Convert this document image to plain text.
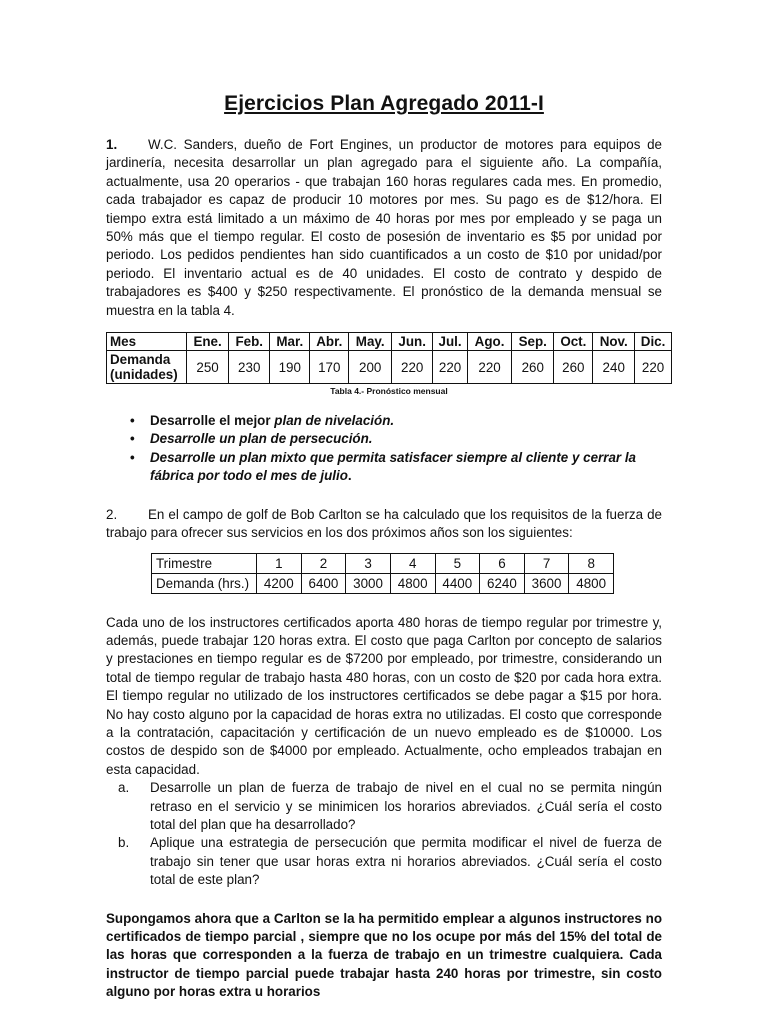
Ejercicios Plan Agregado 2011-I

1. W.C. Sanders, dueño de Fort Engines, un productor de motores para equipos de jardinería, necesita desarrollar un plan agregado para el siguiente año. La compañía, actualmente, usa 20 operarios - que trabajan 160 horas regulares cada mes. En promedio, cada trabajador es capaz de producir 10 motores por mes. Su pago es de $12/hora. El tiempo extra está limitado a un máximo de 40 horas por mes por empleado y se paga un 50% más que el tiempo regular. El costo de posesión de inventario es $5 por unidad por periodo. Los pedidos pendientes han sido cuantificados a un costo de $10 por unidad/por periodo. El inventario actual es de 40 unidades. El costo de contrato y despido de trabajadores es $400 y $250 respectivamente. El pronóstico de la demanda mensual se muestra en la tabla 4.

Mes	Ene.	Feb.	Mar.	Abr.	May.	Jun.	Jul.	Ago.	Sep.	Oct.	Nov.	Dic.
Demanda (unidades)	250	230	190	170	200	220	220	220	260	260	240	220
Tabla 4.- Pronóstico mensual
• Desarrolle el mejor plan de nivelación.
• Desarrolle un plan de persecución.
• Desarrolle un plan mixto que permita satisfacer siempre al cliente y cerrar la fábrica por todo el mes de julio.

2. En el campo de golf de Bob Carlton se ha calculado que los requisitos de la fuerza de trabajo para ofrecer sus servicios en los dos próximos años son los siguientes:

Trimestre	1	2	3	4	5	6	7	8
Demanda (hrs.)	4200	6400	3000	4800	4400	6240	3600	4800

Cada uno de los instructores certificados aporta 480 horas de tiempo regular por trimestre y, además, puede trabajar 120 horas extra. El costo que paga Carlton por concepto de salarios y prestaciones en tiempo regular es de $7200 por empleado, por trimestre, considerando un total de tiempo regular de trabajo hasta 480 horas, con un costo de $20 por cada hora extra. El tiempo regular no utilizado de los instructores certificados se debe pagar a $15 por hora. No hay costo alguno por la capacidad de horas extra no utilizadas. El costo que corresponde a la contratación, capacitación y certificación de un nuevo empleado es de $10000. Los costos de despido son de $4000 por empleado. Actualmente, ocho empleados trabajan en esta capacidad.

a. Desarrolle un plan de fuerza de trabajo de nivel en el cual no se permita ningún retraso en el servicio y se minimicen los horarios abreviados. ¿Cuál sería el costo total del plan que ha desarrollado?
b. Aplique una estrategia de persecución que permita modificar el nivel de fuerza de trabajo sin tener que usar horas extra ni horarios abreviados. ¿Cuál sería el costo total de este plan?

Supongamos ahora que a Carlton se la ha permitido emplear a algunos instructores no certificados de tiempo parcial , siempre que no los ocupe por más del 15% del total de las horas que corresponden a la fuerza de trabajo en un trimestre cualquiera. Cada instructor de tiempo parcial puede trabajar hasta 240 horas por trimestre, sin costo alguno por horas extra u horarios
